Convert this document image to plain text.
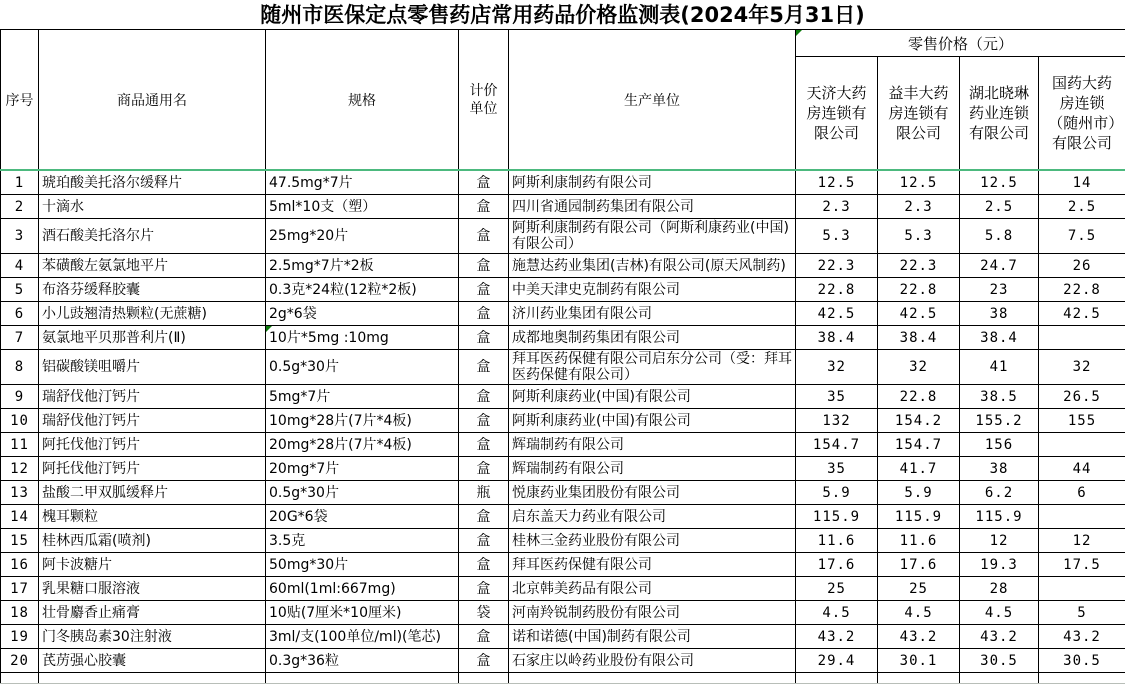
随州市医保定点零售药店常用药品价格监测表(2024年5月31日)
序号	商品通用名	规格	计价 单位	生产单位	零售价格（元）			
					天济大药房连锁有限公司	益丰大药房连锁有限公司	湖北晓琳药业连锁有限公司	国药大药房连锁（随州市）有限公司
1	琥珀酸美托洛尔缓释片	47.5mg*7片	盒	阿斯利康制药有限公司	12.5	12.5	12.5	14
2	十滴水	5ml*10支（塑）	盒	四川省通园制药集团有限公司	2.3	2.3	2.5	2.5
3	酒石酸美托洛尔片	25mg*20片	盒	阿斯利康制药有限公司（阿斯利康药业(中国)有限公司）	5.3	5.3	5.8	7.5
4	苯磺酸左氨氯地平片	2.5mg*7片*2板	盒	施慧达药业集团(吉林)有限公司(原天风制药)	22.3	22.3	24.7	26
5	布洛芬缓释胶囊	0.3克*24粒(12粒*2板)	盒	中美天津史克制药有限公司	22.8	22.8	23	22.8
6	小儿豉翘清热颗粒(无蔗糖)	2g*6袋	盒	济川药业集团有限公司	42.5	42.5	38	42.5
7	氨氯地平贝那普利片(Ⅱ)	10片*5mg :10mg	盒	成都地奥制药集团有限公司	38.4	38.4	38.4	
8	铝碳酸镁咀嚼片	0.5g*30片	盒	拜耳医药保健有限公司启东分公司（受：拜耳医药保健有限公司）	32	32	41	32
9	瑞舒伐他汀钙片	5mg*7片	盒	阿斯利康药业(中国)有限公司	35	22.8	38.5	26.5
10	瑞舒伐他汀钙片	10mg*28片(7片*4板)	盒	阿斯利康药业(中国)有限公司	132	154.2	155.2	155
11	阿托伐他汀钙片	20mg*28片(7片*4板)	盒	辉瑞制药有限公司	154.7	154.7	156	
12	阿托伐他汀钙片	20mg*7片	盒	辉瑞制药有限公司	35	41.7	38	44
13	盐酸二甲双胍缓释片	0.5g*30片	瓶	悦康药业集团股份有限公司	5.9	5.9	6.2	6
14	槐耳颗粒	20G*6袋	盒	启东盖天力药业有限公司	115.9	115.9	115.9	
15	桂林西瓜霜(喷剂)	3.5克	盒	桂林三金药业股份有限公司	11.6	11.6	12	12
16	阿卡波糖片	50mg*30片	盒	拜耳医药保健有限公司	17.6	17.6	19.3	17.5
17	乳果糖口服溶液	60ml(1ml:667mg)	盒	北京韩美药品有限公司	25	25	28	
18	壮骨麝香止痛膏	10贴(7厘米*10厘米)	袋	河南羚锐制药股份有限公司	4.5	4.5	4.5	5
19	门冬胰岛素30注射液	3ml/支(100单位/ml)(笔芯)	盒	诺和诺德(中国)制药有限公司	43.2	43.2	43.2	43.2
20	芪苈强心胶囊	0.3g*36粒	盒	石家庄以岭药业股份有限公司	29.4	30.1	30.5	30.5
